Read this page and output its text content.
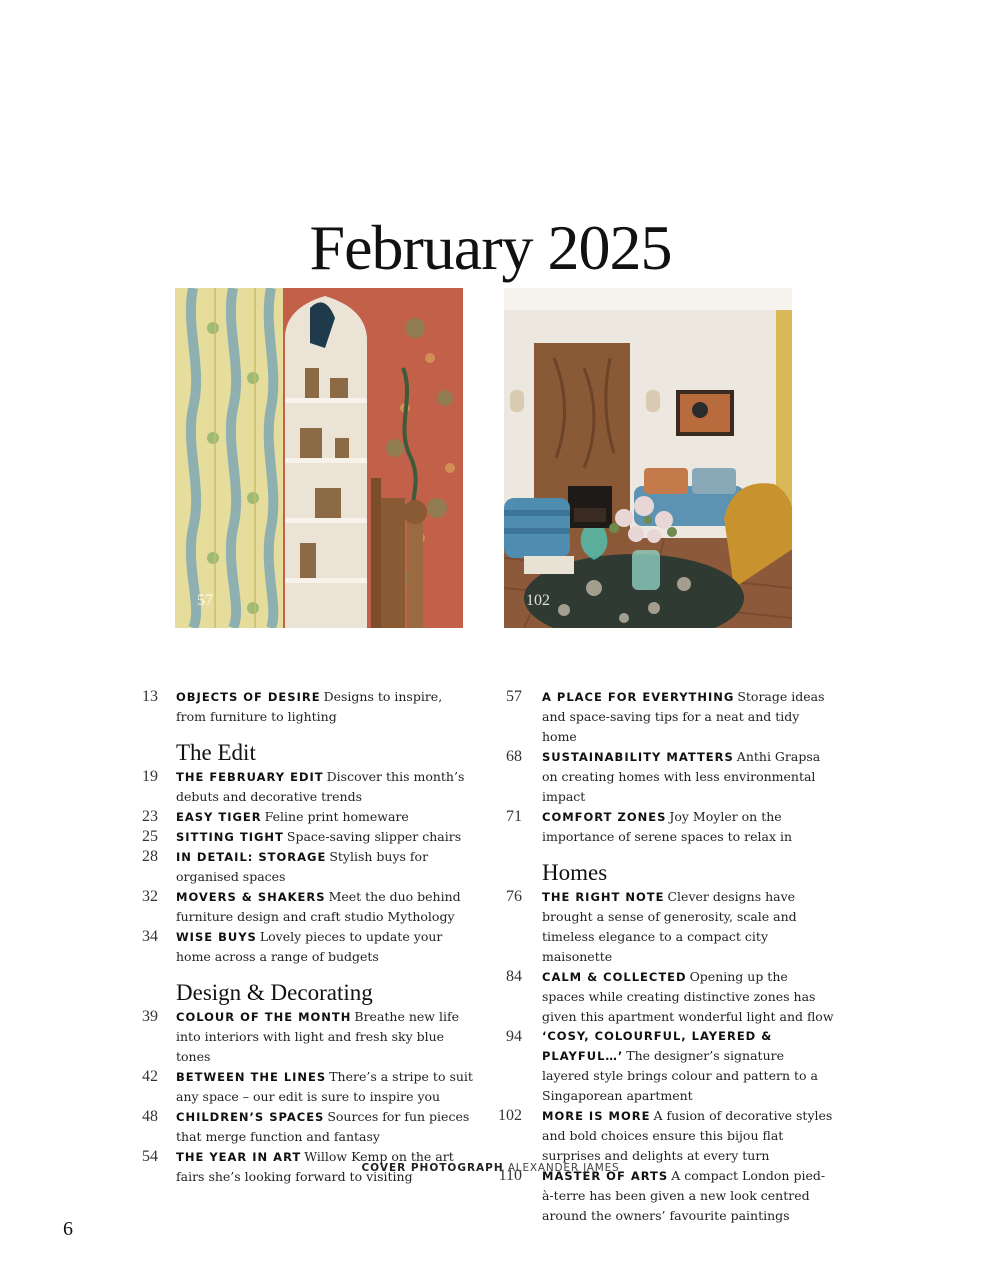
February 2025
57	102
13 OBJECTS OF DESIRE Designs to inspire, from furniture to lighting
The Edit
19 THE FEBRUARY EDIT Discover this month’s debuts and decorative trends
23 EASY TIGER Feline print homeware
25 SITTING TIGHT Space-saving slipper chairs
28 IN DETAIL: STORAGE Stylish buys for organised spaces
32 MOVERS & SHAKERS Meet the duo behind furniture design and craft studio Mythology
34 WISE BUYS Lovely pieces to update your home across a range of budgets
Design & Decorating
39 COLOUR OF THE MONTH Breathe new life into interiors with light and fresh sky blue tones
42 BETWEEN THE LINES There’s a stripe to suit any space – our edit is sure to inspire you
48 CHILDREN’S SPACES Sources for fun pieces that merge function and fantasy
54 THE YEAR IN ART Willow Kemp on the art fairs she’s looking forward to visiting
57 A PLACE FOR EVERYTHING Storage ideas and space-saving tips for a neat and tidy home
68 SUSTAINABILITY MATTERS Anthi Grapsa on creating homes with less environmental impact
71 COMFORT ZONES Joy Moyler on the importance of serene spaces to relax in
Homes
76 THE RIGHT NOTE Clever designs have brought a sense of generosity, scale and timeless elegance to a compact city maisonette
84 CALM & COLLECTED Opening up the spaces while creating distinctive zones has given this apartment wonderful light and flow
94 ‘COSY, COLOURFUL, LAYERED & PLAYFUL…’ The designer’s signature layered style brings colour and pattern to a Singaporean apartment
102 MORE IS MORE A fusion of decorative styles and bold choices ensure this bijou flat surprises and delights at every turn
110 MASTER OF ARTS A compact London pied-à-terre has been given a new look centred around the owners’ favourite paintings
COVER PHOTOGRAPH ALEXANDER JAMES
6
